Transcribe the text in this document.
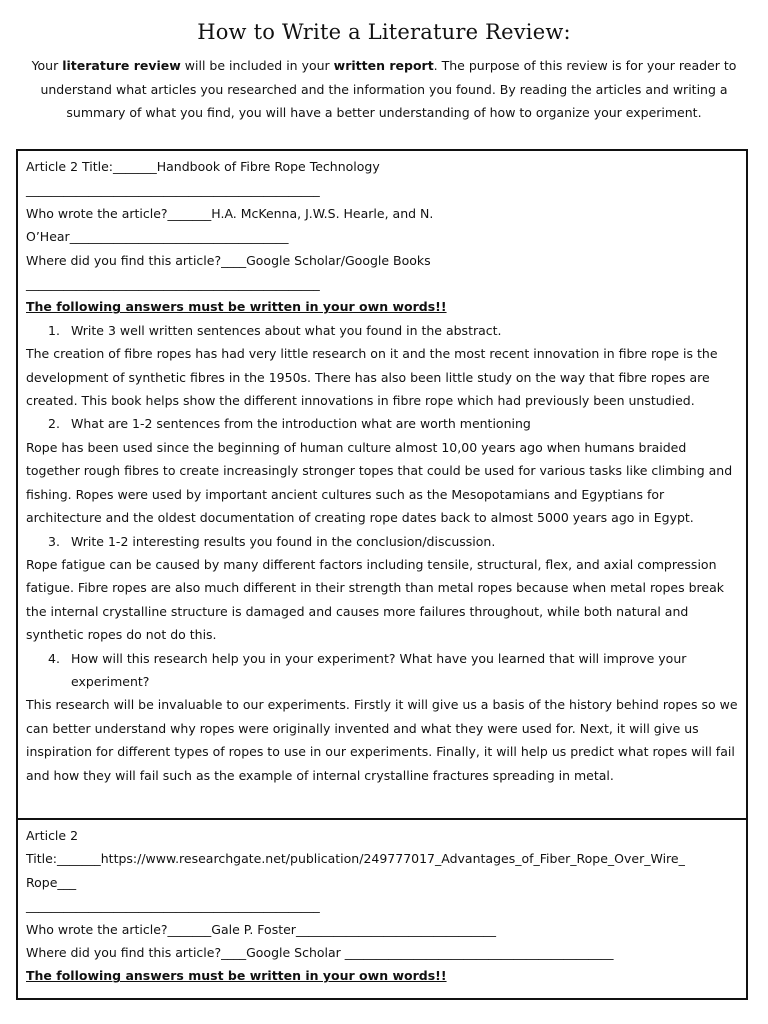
How to Write a Literature Review:
Your literature review will be included in your written report. The purpose of this review is for your reader to understand what articles you researched and the information you found. By reading the articles and writing a summary of what you find, you will have a better understanding of how to organize your experiment.
Article 2 Title:_______Handbook of Fibre Rope Technology
_______________________________________________
Who wrote the article?_______H.A. McKenna, J.W.S. Hearle, and N.
O’Hear___________________________________
Where did you find this article?____Google Scholar/Google Books
_______________________________________________
The following answers must be written in your own words!!
1. Write 3 well written sentences about what you found in the abstract.
The creation of fibre ropes has had very little research on it and the most recent innovation in fibre rope is the development of synthetic fibres in the 1950s. There has also been little study on the way that fibre ropes are created. This book helps show the different innovations in fibre rope which had previously been unstudied.
2. What are 1-2 sentences from the introduction what are worth mentioning
Rope has been used since the beginning of human culture almost 10,00 years ago when humans braided together rough fibres to create increasingly stronger topes that could be used for various tasks like climbing and fishing. Ropes were used by important ancient cultures such as the Mesopotamians and Egyptians for architecture and the oldest documentation of creating rope dates back to almost 5000 years ago in Egypt.
3. Write 1-2 interesting results you found in the conclusion/discussion.
Rope fatigue can be caused by many different factors including tensile, structural, flex, and axial compression fatigue. Fibre ropes are also much different in their strength than metal ropes because when metal ropes break the internal crystalline structure is damaged and causes more failures throughout, while both natural and synthetic ropes do not do this.
4. How will this research help you in your experiment? What have you learned that will improve your experiment?
This research will be invaluable to our experiments. Firstly it will give us a basis of the history behind ropes so we can better understand why ropes were originally invented and what they were used for. Next, it will give us inspiration for different types of ropes to use in our experiments. Finally, it will help us predict what ropes will fail and how they will fail such as the example of internal crystalline fractures spreading in metal.
Article 2
Title:_______https://www.researchgate.net/publication/249777017_Advantages_of_Fiber_Rope_Over_Wire_
Rope___
_______________________________________________
Who wrote the article?_______Gale P. Foster________________________________
Where did you find this article?____Google Scholar ___________________________________________
The following answers must be written in your own words!!
